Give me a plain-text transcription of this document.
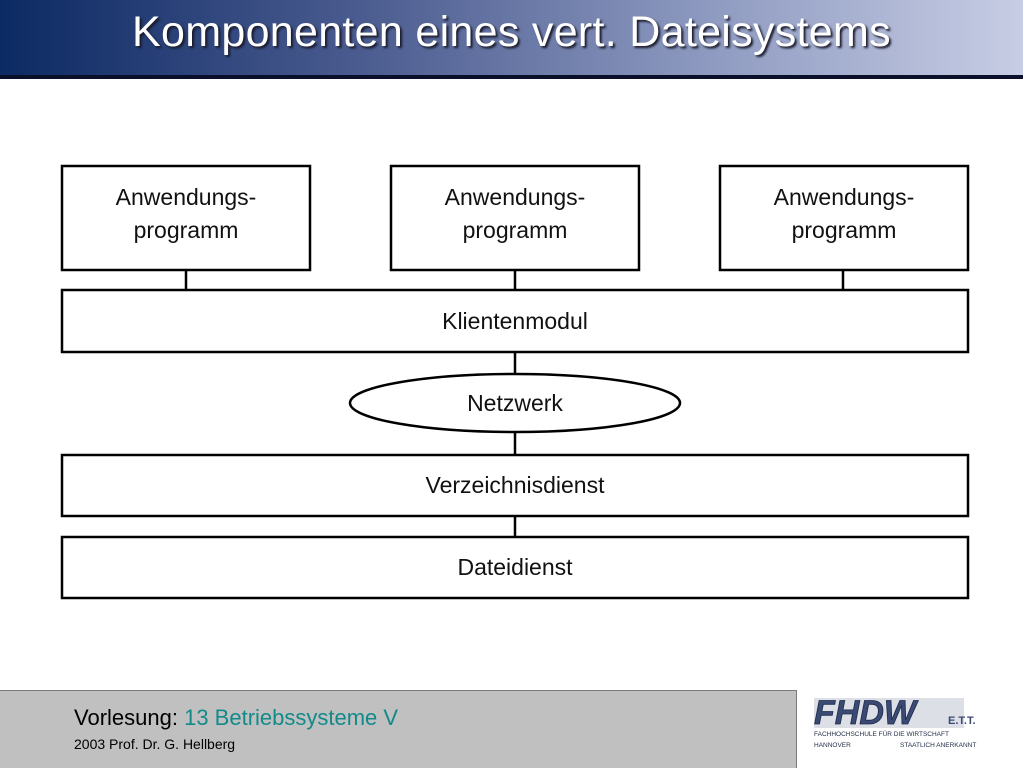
Komponenten eines vert. Dateisystems
Anwendungs-
programm
Anwendungs-
programm
Anwendungs-
programm
Klientenmodul
Netzwerk
Verzeichnisdienst
Dateidienst
Vorlesung: 13 Betriebssysteme V
2003 Prof. Dr. G. Hellberg
FHDW	E.T.T.
FACHHOCHSCHULE FÜR DIE WIRTSCHAFT
HANNOVER	STAATLICH ANERKANNT
